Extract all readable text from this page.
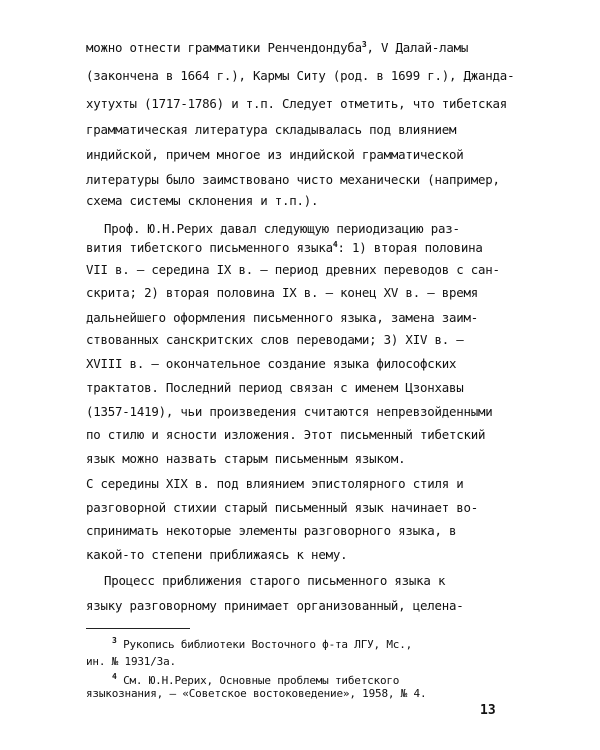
можно отнести грамматики Ренчендондуба$^3$, V Далай-ламы
(закончена в 1664 г.), Кармы Ситу (род. в 1699 г.), Джанда-
хутухты (1717-1786) и т.п. Следует отметить, что тибетская
грамматическая литература складывалась под влиянием
индийской, причем многое из индийской грамматической
литературы было заимствовано чисто механически (например,
схема системы склонения и т.п.).
Проф. Ю.Н.Рерих давал следующую периодизацию раз-
вития тибетского письменного языка$^4$: 1) вторая половина
VII в. – середина IX в. – период древних переводов с сан-
скрита; 2) вторая половина IX в. – конец XV в. – время
дальнейшего оформления письменного языка, замена заим-
ствованных санскритских слов переводами; 3) XIV в. –
XVIII в. – окончательное создание языка философских
трактатов. Последний период связан с именем Цзонхавы
(1357-1419), чьи произведения считаются непревзойденными
по стилю и ясности изложения. Этот письменный тибетский
язык можно назвать старым письменным языком.
С середины XIX в. под влиянием эпистолярного стиля и
разговорной стихии старый письменный язык начинает во-
спринимать некоторые элементы разговорного языка, в
какой-то степени приближаясь к нему.
Процесс приближения старого письменного языка к
языку разговорному принимает организованный, целена-
$^3$ Рукопись библиотеки Восточного ф-та ЛГУ, Мс.,
ин. № 1931/3а.
$^4$ См. Ю.Н.Рерих, Основные проблемы тибетского
языкознания, – «Советское востоковедение», 1958, № 4.
13
